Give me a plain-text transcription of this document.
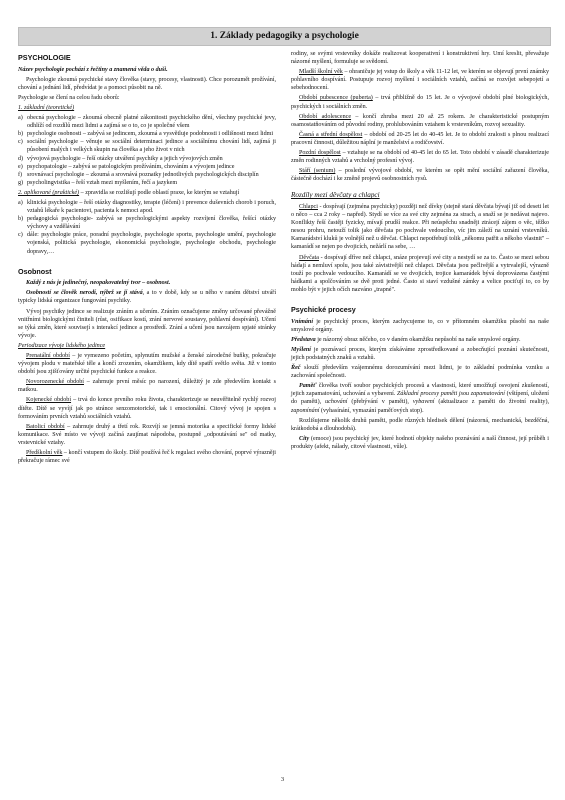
1. Základy pedagogiky a psychologie
PSYCHOLOGIE

Název psychologie pochází z řečtiny a znamená věda o duši.

Psychologie zkoumá psychické stavy člověka (stavy, procesy, vlastnosti). Chce porozumět prožívání, chování a jednání lidí, předvídat je a pomoci působit na ně.

Psychologie se člení na celou řadu oborů:

1. základní (teoretické)

a) obecná psychologie – zkoumá obecně platné zákonitosti psychického dění, všechny psychické jevy, odhlíží od rozdílů mezi lidmi a zajímá se o to, co je společné všem
b) psychologie osobnosti – zabývá se jedincem, zkoumá a vysvětluje podobnosti i odlišnosti mezi lidmi
c) sociální psychologie – věnuje se sociální determinaci jedince a sociálnímu chování lidí, zajímá ji působení malých i velkých skupin na člověka a jeho život v nich
d) vývojová psychologie – řeší otázky utváření psychiky a jejich vývojových změn
e) psychopatologie – zabývá se patologickým prožíváním, chováním a vývojem jedince
f) srovnávací psychologie – zkoumá a srovnává poznatky jednotlivých psychologických disciplín
g) psycholingvistika – řeší vztah mezi myšlením, řečí a jazykem

2. aplikované (praktické) – zpravidla se rozlišují podle oblastí praxe, ke kterým se vztahují

a) klinická psychologie – řeší otázky diagnostiky, terapie (léčení) i prevence duševních chorob i poruch, vztahů lékaře k pacientovi, pacienta k nemoci apod.
b) pedagogická psychologie- zabývá se psychologickými aspekty rozvíjení člověka, řešící otázky výchovy a vzdělávání
c) dále: psychologie práce, poradní psychologie, psychologie sportu, psychologie umění, psychologie vojenská, politická psychologie, ekonomická psychologie, psychologie obchodu, psychologie dopravy,…
Osobnost

Každý z nás je jedinečný, neopakovatelný tvor – osobnost.

Osobností se člověk nerodí, nýbrž se jí stává, a to v době, kdy se u něho v raném dětství utváří typicky lidská organizace fungování psychiky.

Vývoj psychiky jedince se realizuje zráním a učením. Zráním označujeme změny určované převážně vnitřními biologickými činiteli (růst, osifikace kostí, zrání nervové soustavy, pohlavní dospívání). Učení se týká změn, které souvisejí s interakcí jedince a prostředí. Zrání a učení jsou navzájem spjaté stránky vývoje.

Periodizace vývoje lidského jedince

Prenatální období – je vymezeno početím, splynutím mužské a ženské zárodečné buňky, pokračuje vývojem plodu v mateřské těle a končí zrozením, okamžikem, kdy dítě spatří světlo světa. Již v tomto období jsou zjišťovány určité psychické funkce a reakce.

Novorozenecké období – zahrnuje první měsíc po narození, důležitý je zde především kontakt s matkou.

Kojenecké období – trvá do konce prvního roku života, charakterizuje se neuvěřitelně rychlý rozvoj dítěte. Dítě se vyvíjí jak po stránce senzomotorické, tak i emocionální. Citový vývoj je spojen s formováním prvních vztahů sociálních vztahů.

Batolicí období – zahrnuje druhý a třetí rok. Rozvíjí se jemná motorika a specifické formy lidské komunikace. Své místo ve vývoji začíná zaujímat nápodoba, postupně „odpoutávání se" od matky, vrstevnické vztahy.

Předškolní věk – končí vstupem do školy. Dítě používá řeč k regulaci svého chování, poprvé výrazněji překračuje rámec své

rodiny, se svými vrstevníky dokáže realizovat kooperativní i konstruktivní hry. Umí kreslit, převažuje názorné myšlení, formuluje se svědomí.

Mladší školní věk – ohraničuje jej vstup do školy a věk 11-12 let, ve kterém se objevují první známky pohlavního dospívání. Postupuje rozvoj myšlení i sociálních vztahů, začíná se rozvíjet sebepojetí a sebehodnocení.

Období pubescence (puberta) – trvá přibližně do 15 let. Je o vývojové období plné biologických, psychických i sociálních změn.

Období adolescence – končí zhruba mezi 20 až 25 rokem. Je charakteristické postupným osamostatňováním od původní rodiny, prohlubováním vztahem k vrstevníkům, rozvoj sexuality.

Časná a střední dospělost – období od 20-25 let do 40-45 let. Je to období zralosti s plnou realizací pracovní činnosti, důležitou náplní je manželství a rodičovství.

Pozdní dospělost – vztahuje se na období od 40-45 let do 65 let. Toto období v zásadě charakterizuje změn rodinných vztahů a vrcholný profesní vývoj.

Stáří (senium) – poslední vývojové období, ve kterém se opět mění sociální zařazení člověka, částečně dochází i ke změně projevů osobnostních rysů.

Rozdíly mezi děvčaty a chlapci

Chlapci - dospívají (zejména psychicky) později než dívky (stejně stará děvčata bývají již od deseti let o něco – cca 2 roky – napřed). Stydí se více za své city zejména za strach, a snaží se je nedávat najevo. Konflikty řeší častěji fyzicky, mívají prudší reakce. Při neúspěchu snadněji ztrácejí zájem o věc, těžko nesou prohru, netouží tolik jako děvčata po pochvale vedoucího, víc jim záleží na uznání vrstevníků. Kamarádství kluků je volnější než u děvčat. Chlapci nepotřebují tolik „někomu patřit a někoho vlastnit" – kamarádí se nejen po dvojicích, nežárlí na sebe, …

Děvčata - dospívají dříve než chlapci, snáze projevují své city a nestydí se za to. Často se mezi sebou hádají a nemluví spolu, jsou také závistivější než chlapci. Děvčata jsou pečlivější a vytrvalejší, výrazně touží po pochvale vedoucího. Kamarádí se ve dvojicích, trojice kamarádek bývá doprovázena častými hádkami a spolčováním se dvě proti jedné. Často si staví vzdušné zámky a velice pociťují to, co by mohlo být v jejich očích nazváno „trapné".

Psychické procesy

Vnímání je psychický proces, kterým zachycujeme to, co v přítomném okamžiku působí na naše smyslové orgány.

Představa je názorný obraz něčeho, co v daném okamžiku nepůsobí na naše smyslové orgány.

Myšlení je poznávací proces, kterým získáváme zprostředkované a zobecňující poznání skutečnosti, jejich podstatných znaků a vztahů.

Řeč slouží především vzájemnému dorozumívání mezi lidmi, je to základní podmínka vzniku a zachování společnosti.

Paměť člověka tvoří soubor psychických procesů a vlastností, které umožňují osvojení zkušeností, jejich zapamatování, uchování a vybavení. Základní procesy paměti jsou zapamatování (vštípení, uložení do paměti), uchování (přebývání v paměti), vybavení (aktualizace z paměti do životní reality), zapomínání (vyhasínání, vymazání paměťových stop).

Rozlišujeme několik druhů paměti, podle různých hledisek dělení (názorná, mechanická, bezděčná, krátkodobá a dlouhodobá).

City (emoce) jsou psychický jev, které hodnotí objekty našeho poznávání a naší činnost, její průběh i produkty (afekt, nálady, citové vlastnosti, vůle).

3
